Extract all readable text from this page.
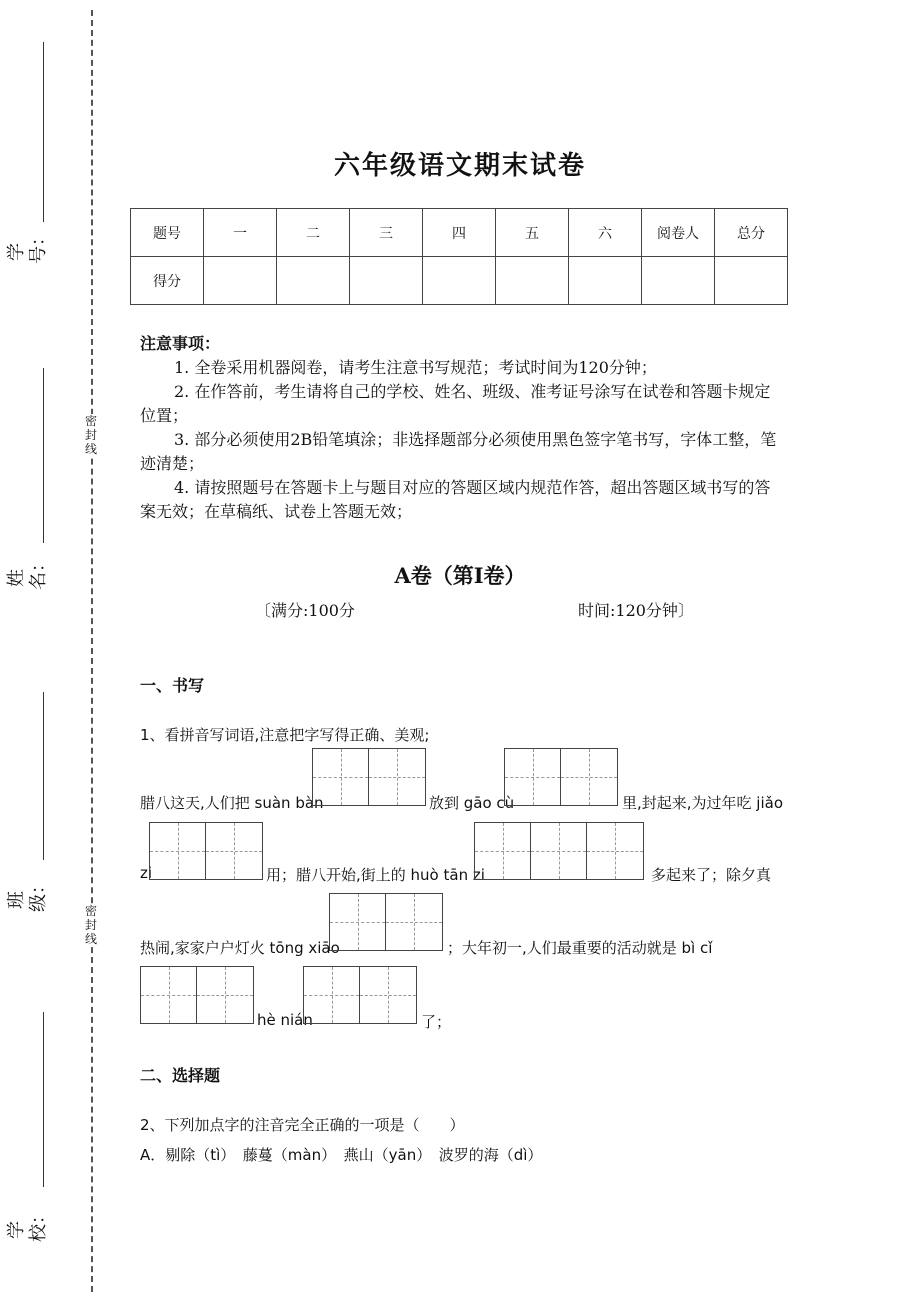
学号：
姓名：
班级：
学校：
密封线
密封线
六年级语文期末试卷
题号	一	二	三	四	五	六	阅卷人	总分
得分								

注意事项：

1. 全卷采用机器阅卷，请考生注意书写规范；考试时间为120分钟；

2. 在作答前，考生请将自己的学校、姓名、班级、准考证号涂写在试卷和答题卡规定位置；

3. 部分必须使用2B铅笔填涂；非选择题部分必须使用黑色签字笔书写，字体工整，笔迹清楚；

4. 请按照题号在答题卡上与题目对应的答题区域内规范作答，超出答题区域书写的答案无效；在草稿纸、试卷上答题无效；

A卷（第Ⅰ卷）
〔满分:100分	时间:120分钟〕
一、书写
1、看拼音写词语,注意把字写得正确、美观;
腊八这天,人们把 suàn bàn	放到 gāo cù	里,封起来,为过年吃 jiǎo
zi	用；腊八开始,街上的 huò tān zi	多起来了；除夕真
热闹,家家户户灯火 tōng xiāo	；大年初一,人们最重要的活动就是 bì cǐ
hè nián	了；
二、选择题
2、下列加点字的注音完全正确的一项是（　　）
A．剔除（tì）　藤蔓（màn）　燕山（yān）　波罗的海（dì）
